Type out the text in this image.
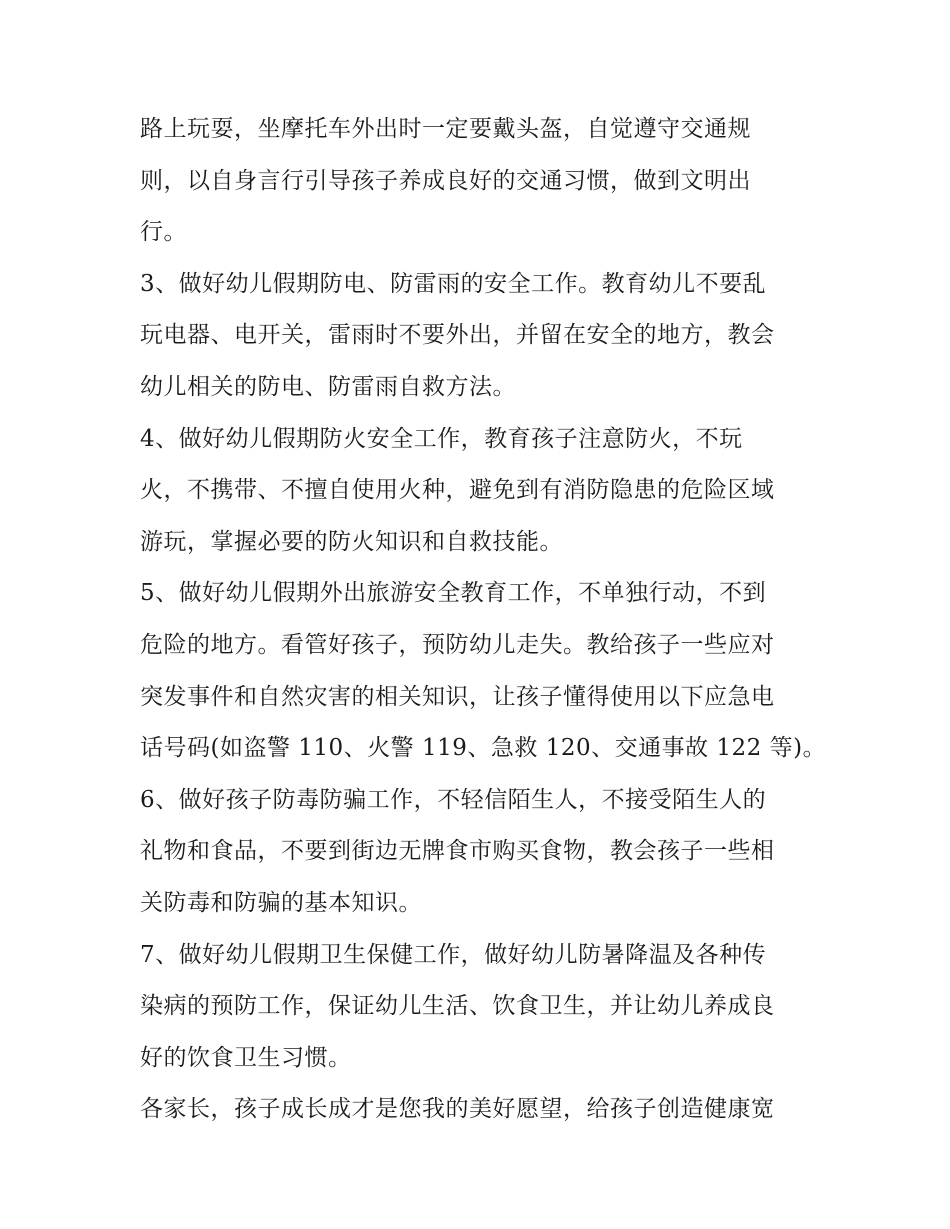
路上玩耍，坐摩托车外出时一定要戴头盔，自觉遵守交通规
则，以自身言行引导孩子养成良好的交通习惯，做到文明出
行。
3、做好幼儿假期防电、防雷雨的安全工作。教育幼儿不要乱
玩电器、电开关，雷雨时不要外出，并留在安全的地方，教会
幼儿相关的防电、防雷雨自救方法。
4、做好幼儿假期防火安全工作，教育孩子注意防火，不玩
火，不携带、不擅自使用火种，避免到有消防隐患的危险区域
游玩，掌握必要的防火知识和自救技能。
5、做好幼儿假期外出旅游安全教育工作，不单独行动，不到
危险的地方。看管好孩子，预防幼儿走失。教给孩子一些应对
突发事件和自然灾害的相关知识，让孩子懂得使用以下应急电
话号码(如盗警 110、火警 119、急救 120、交通事故 122 等)。
6、做好孩子防毒防骗工作，不轻信陌生人，不接受陌生人的
礼物和食品，不要到街边无牌食市购买食物，教会孩子一些相
关防毒和防骗的基本知识。
7、做好幼儿假期卫生保健工作，做好幼儿防暑降温及各种传
染病的预防工作，保证幼儿生活、饮食卫生，并让幼儿养成良
好的饮食卫生习惯。
各家长，孩子成长成才是您我的美好愿望，给孩子创造健康宽
